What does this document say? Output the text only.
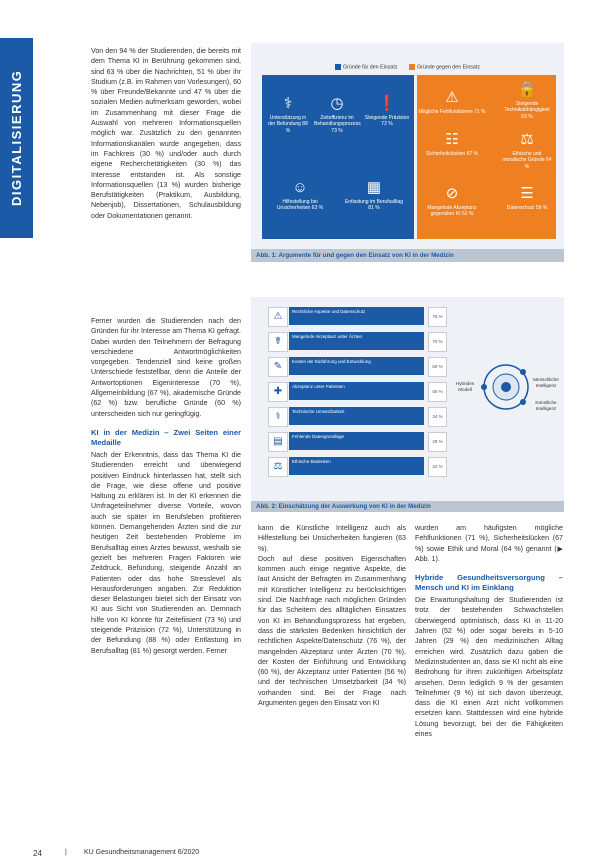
DIGITALISIERUNG

Von den 94 % der Studierenden, die bereits mit dem Thema KI in Berührung gekommen sind, sind 63 % über die Nachrichten, 51 % über ihr Studium (z.B. im Rahmen von Vorlesungen), 60 % über Freunde/Bekannte und 47 % über die sozialen Medien aufmerksam geworden, wobei im Zusammenhang mit dieser Frage die Auswahl von mehreren Informationsquellen möglich war. Zusätzlich zu den genannten Informationskanälen wurde angegeben, dass im Fachkreis (30 %) und/oder auch durch eigene Recherchetätigkeiten (30 %) das Interesse entstanden ist. Als sonstige Informationsquellen (13 %) wurden bisherige Berufstätigkeiten (Praktikum, Ausbildung, Nebenjob), Dissertationen, Schulausbildung oder Dokumentationen genannt.

Ferner wurden die Studierenden nach den Gründen für ihr Interesse am Thema KI gefragt. Dabei wurden den Teilnehmern der Befragung verschiedene Antwortmöglichkeiten vorgegeben. Tendenziell sind keine großen Unterschiede feststellbar, denn die Anteile der Antwortoptionen Eigeninteresse (70 %), Allgemeinbildung (67 %), akademische Gründe (62 %) bzw. berufliche Gründe (60 %) unterscheiden sich nur geringfügig.

KI in der Medizin – Zwei Seiten einer Medaille

Nach der Erkenntnis, dass das Thema KI die Studierenden erreicht und überwiegend positiven Eindruck hinterlassen hat, stellt sich die Frage, wie diese offene und positive Haltung zu erklären ist. In der KI erkennen die Umfrageteilnehmer diverse Vorteile, wovon auch sie später im Berufsleben profitieren können. Demangehenden Ärzten sind die zur heutigen Zeit bestehenden Probleme im Berufsalltag eines Arztes bewusst, weshalb sie gezielt bei mehreren Fragen Faktoren wie Zeitdruck, Befundung, steigende Anzahl an Patienten oder das hohe Stresslevel als Herausforderungen angaben. Zur Reduktion dieser Belastungen bietet sich der Einsatz von KI aus Sicht von Studierenden an. Demnach hilfe von KI könnte für Zeitefiisient (73 %) und steigende Präzision (72 %), Unterstützung in der Befundung (88 %) oder Entlastung im Berufsalltag (81 %) gesorgt werden. Ferner

kann die Künstliche Intelligenz auch als Hilfestellung bei Unsicherheiten fungieren (63 %).
Doch auf diese positiven Eigenschaften kommen auch einige negative Aspekte, die laut Ansicht der Befragten im Zusammenhang mit Künstlicher Intelligenz zu berücksichtigen sind. Die Nachfrage nach möglichen Gründen für das Scheitern des alltäglichen Einsatzes von KI im Behandlungsprozess hat ergeben, dass die stärksten Bedenken hinsichtlich der rechtlichen Aspekte/Datenschutz (76 %), der mangelnden Akzeptanz unter Ärzten (70 %), der Kosten der Einführung und Entwicklung (60 %), der Akzeptanz unter Patienten (56 %) und der technischen Umsetzbarkeit (34 %) vorhanden sind. Bei der Frage nach Argumenten gegen den Einsatz von KI

wurden am häufigsten mögliche Fehlfunktionen (71 %), Sicherheitslücken (67 %) sowie Ethik und Moral (64 %) genannt (▶ Abb. 1).

Hybride Gesundheitsversorgung – Mensch und KI im Einklang

Die Erwartungshaltung der Studierenden ist trotz der bestehenden Schwachstellen überwiegend optimistisch, dass KI in 11-20 Jahren (52 %) oder sogar bereits in 5-10 Jahren (29 %) den medizinischen Alltag erreichen wird. Zusätzlich dazu gaben die Medizinstudenten an, dass sie KI nicht als eine Bedrohung für ihren zukünftigen Arbeitsplatz ansehen. Denn lediglich 9 % der gesamten Teilnehmer (9 %) ist sich davon überzeugt, dass die KI einen Arzt nicht vollkommen ersetzen kann. Stattdessen wird eine hybride Lösung bevorzugt, bei der die Fähigkeiten eines

Gründe für den Einsatz	Gründe gegen den Einsatz
⚕
Unterstützung in der Befundung 88 %
◷
Zeiteffizienz im Behandlungsprozess 73 %
❗
Steigende Präzision 72 %
☺
Hilfestellung bei Unsicherheiten 63 %
▦
Entlastung im Berufsalltag 81 %
⚠
Mögliche Fehlfunktionen 71 %
🔒
Steigende Technikabhängigkeit 53 %
☷
Sicherheitslücken 67 %
⚖
Ethische und moralische Gründe 64 %
⊘
Mangelnde Akzeptanz gegenüber KI 52 %
☰
Datenschutz 59 %
Abb. 1: Argumente für und gegen den Einsatz von KI in der Medizin
⚠	Rechtliche Aspekte und Datenschutz
76 %
☤	Mangelnde Akzeptanz unter Ärzten
70 %
✎	Kosten der Einführung und Entwicklung
60 %
✚	Akzeptanz unter Patienten
56 %
⚕	Technische Umsetzbarkeit
34 %
▤	Fehlende Datengrundlage
29 %
⚖	Ethische Bedenken
24 %
Hybrides Modell
Menschliche Intelligenz
Künstliche Intelligenz
Abb. 2: Einschätzung der Auswirkung von KI in der Medizin
24	| KU Gesundheitsmanagement 6/2020
